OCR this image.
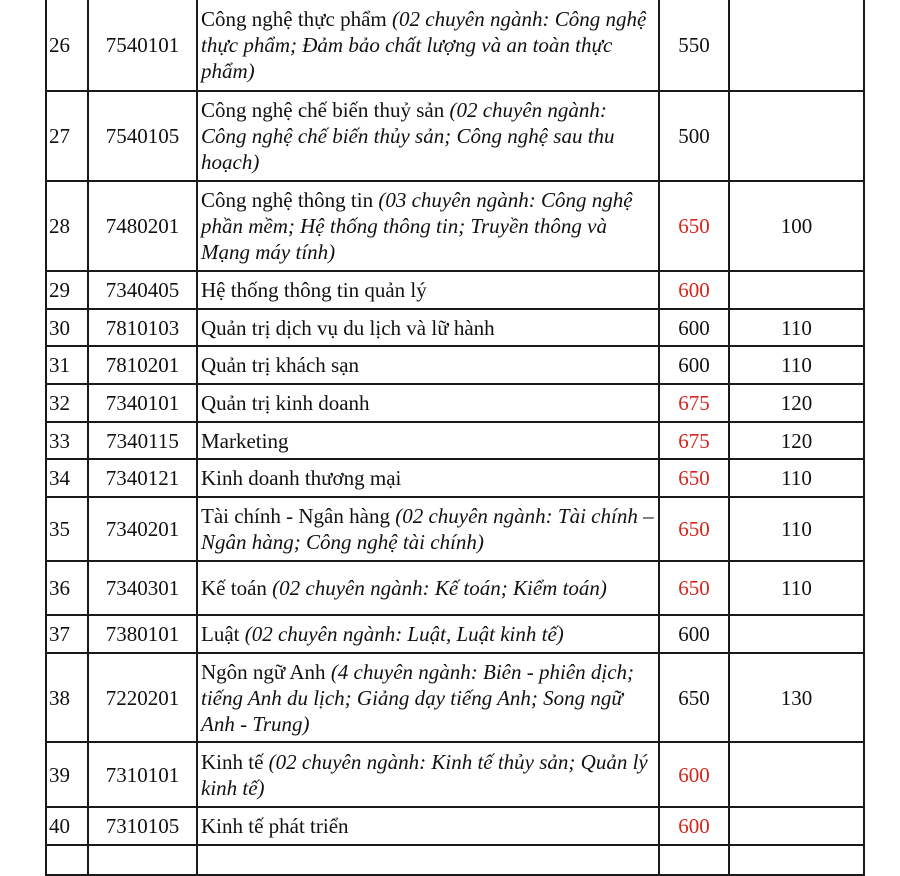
26	7540101	Công nghệ thực phẩm (02 chuyên ngành: Công nghệ thực phẩm; Đảm bảo chất lượng và an toàn thực phẩm)	550	
27	7540105	Công nghệ chế biến thuỷ sản (02 chuyên ngành: Công nghệ chế biến thủy sản; Công nghệ sau thu hoạch)	500	
28	7480201	Công nghệ thông tin (03 chuyên ngành: Công nghệ phần mềm; Hệ thống thông tin; Truyền thông và Mạng máy tính)	650	100
29	7340405	Hệ thống thông tin quản lý	600	
30	7810103	Quản trị dịch vụ du lịch và lữ hành	600	110
31	7810201	Quản trị khách sạn	600	110
32	7340101	Quản trị kinh doanh	675	120
33	7340115	Marketing	675	120
34	7340121	Kinh doanh thương mại	650	110
35	7340201	Tài chính - Ngân hàng (02 chuyên ngành: Tài chính – Ngân hàng; Công nghệ tài chính)	650	110
36	7340301	Kế toán (02 chuyên ngành: Kế toán; Kiểm toán)	650	110
37	7380101	Luật (02 chuyên ngành: Luật, Luật kinh tế)	600	
38	7220201	Ngôn ngữ Anh (4 chuyên ngành: Biên - phiên dịch; tiếng Anh du lịch; Giảng dạy tiếng Anh; Song ngữ Anh - Trung)	650	130
39	7310101	Kinh tế (02 chuyên ngành: Kinh tế thủy sản; Quản lý kinh tế)	600	
40	7310105	Kinh tế phát triển	600	
